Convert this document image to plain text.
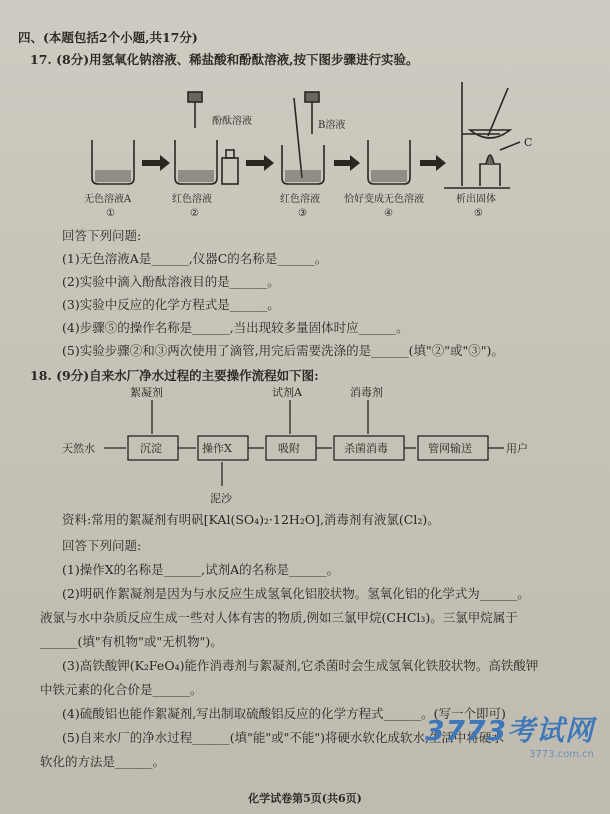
四、(本题包括2个小题,共17分)
17. (8分)用氢氧化钠溶液、稀盐酸和酚酞溶液,按下图步骤进行实验。
酚酞溶液	B溶液
C
无色溶液A
①
红色溶液
②
红色溶液
③
恰好变成无色溶液
④
析出固体
⑤
回答下列问题:
(1)无色溶液A是______,仪器C的名称是______。
(2)实验中滴入酚酞溶液目的是______。
(3)实验中反应的化学方程式是______。
(4)步骤⑤的操作名称是______,当出现较多量固体时应______。
(5)实验步骤②和③两次使用了滴管,用完后需要洗涤的是______(填"②"或"③")。
18. (9分)自来水厂净水过程的主要操作流程如下图:
絮凝剂	试剂A	消毒剂
天然水	沉淀	操作X	吸附	杀菌消毒	管网输送	用户
泥沙
资料:常用的絮凝剂有明矾[KAl(SO₄)₂·12H₂O],消毒剂有液氯(Cl₂)。
回答下列问题:
(1)操作X的名称是______,试剂A的名称是______。
(2)明矾作絮凝剂是因为与水反应生成氢氧化铝胶状物。氢氧化铝的化学式为______。
液氯与水中杂质反应生成一些对人体有害的物质,例如三氯甲烷(CHCl₃)。三氯甲烷属于
______(填"有机物"或"无机物")。
(3)高铁酸钾(K₂FeO₄)能作消毒剂与絮凝剂,它杀菌时会生成氢氧化铁胶状物。高铁酸钾
中铁元素的化合价是______。
(4)硫酸铝也能作絮凝剂,写出制取硫酸铝反应的化学方程式______。(写一个即可)
(5)自来水厂的净水过程______(填"能"或"不能")将硬水软化成软水,生活中将硬水
软化的方法是______。
3773考试网
3773.com.cn
化学试卷第5页(共6页)
